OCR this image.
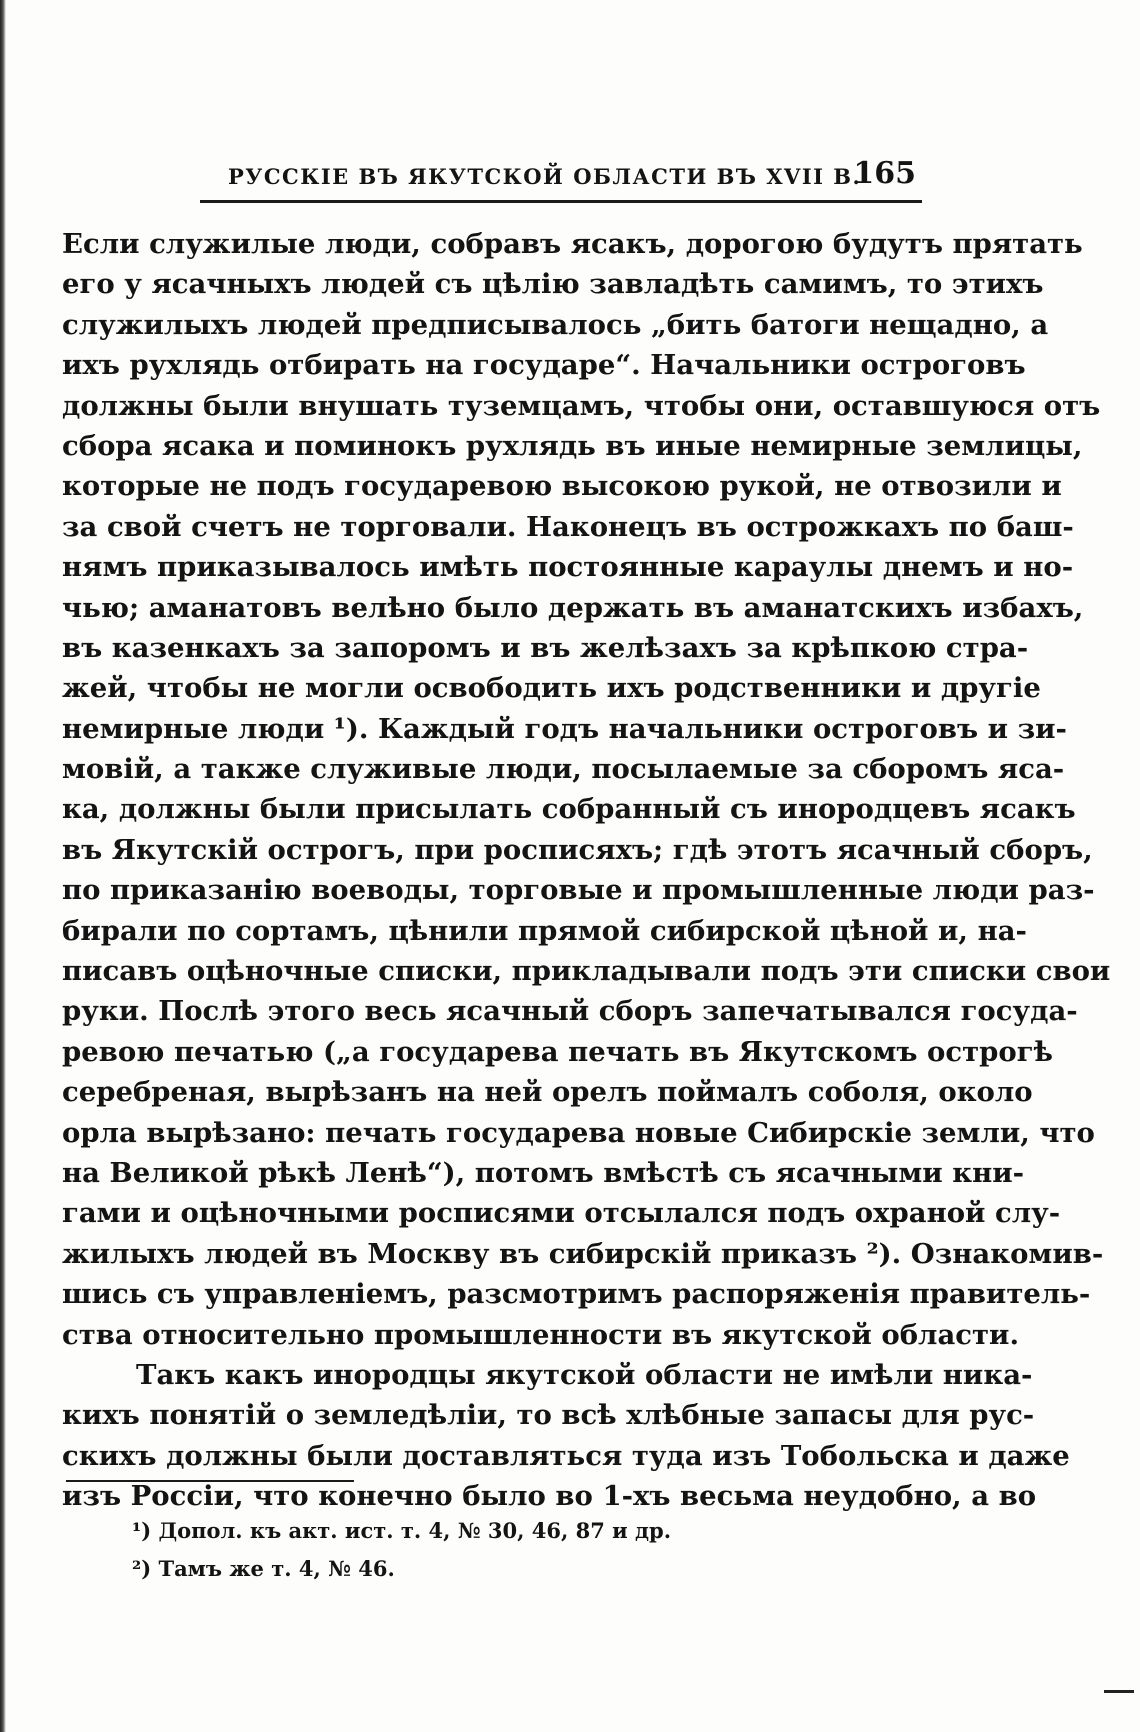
РУССКІЕ ВЪ ЯКУТСКОЙ ОБЛАСТИ ВЪ XVII В.
165
Если служилые люди, собравъ ясакъ, дорогою будутъ прятать
его у ясачныхъ людей съ цѣлію завладѣть самимъ, то этихъ
служилыхъ людей предписывалось „бить батоги нещадно, а
ихъ рухлядь отбирать на государе“. Начальники остроговъ
должны были внушать туземцамъ, чтобы они, оставшуюся отъ
сбора ясака и поминокъ рухлядь въ иные немирные землицы,
которые не подъ государевою высокою рукой, не отвозили и
за свой счетъ не торговали. Наконецъ въ острожкахъ по баш-
нямъ приказывалось имѣть постоянные караулы днемъ и но-
чью; аманатовъ велѣно было держать въ аманатскихъ избахъ,
въ казенкахъ за запоромъ и въ желѣзахъ за крѣпкою стра-
жей, чтобы не могли освободить ихъ родственники и другіе
немирные люди ¹). Каждый годъ начальники остроговъ и зи-
мовій, а также служивые люди, посылаемые за сборомъ яса-
ка, должны были присылать собранный съ инородцевъ ясакъ
въ Якутскій острогъ, при росписяхъ; гдѣ этотъ ясачный сборъ,
по приказанію воеводы, торговые и промышленные люди раз-
бирали по сортамъ, цѣнили прямой сибирской цѣной и, на-
писавъ оцѣночные списки, прикладывали подъ эти списки свои
руки. Послѣ этого весь ясачный сборъ запечатывался госуда-
ревою печатью („а государева печать въ Якутскомъ острогѣ
серебреная, вырѣзанъ на ней орелъ поймалъ соболя, около
орла вырѣзано: печать государева новые Сибирскіе земли, что
на Великой рѣкѣ Ленѣ“), потомъ вмѣстѣ съ ясачными кни-
гами и оцѣночными росписями отсылался подъ охраной слу-
жилыхъ людей въ Москву въ сибирскій приказъ ²). Ознакомив-
шись съ управленіемъ, разсмотримъ распоряженія правитель-
ства относительно промышленности въ якутской области.
Такъ какъ инородцы якутской области не имѣли ника-
кихъ понятій о земледѣліи, то всѣ хлѣбные запасы для рус-
скихъ должны были доставляться туда изъ Тобольска и даже
изъ Россіи, что конечно было во 1-хъ весьма неудобно, а во
¹) Допол. къ акт. ист. т. 4, № 30, 46, 87 и др.
²) Тамъ же т. 4, № 46.
